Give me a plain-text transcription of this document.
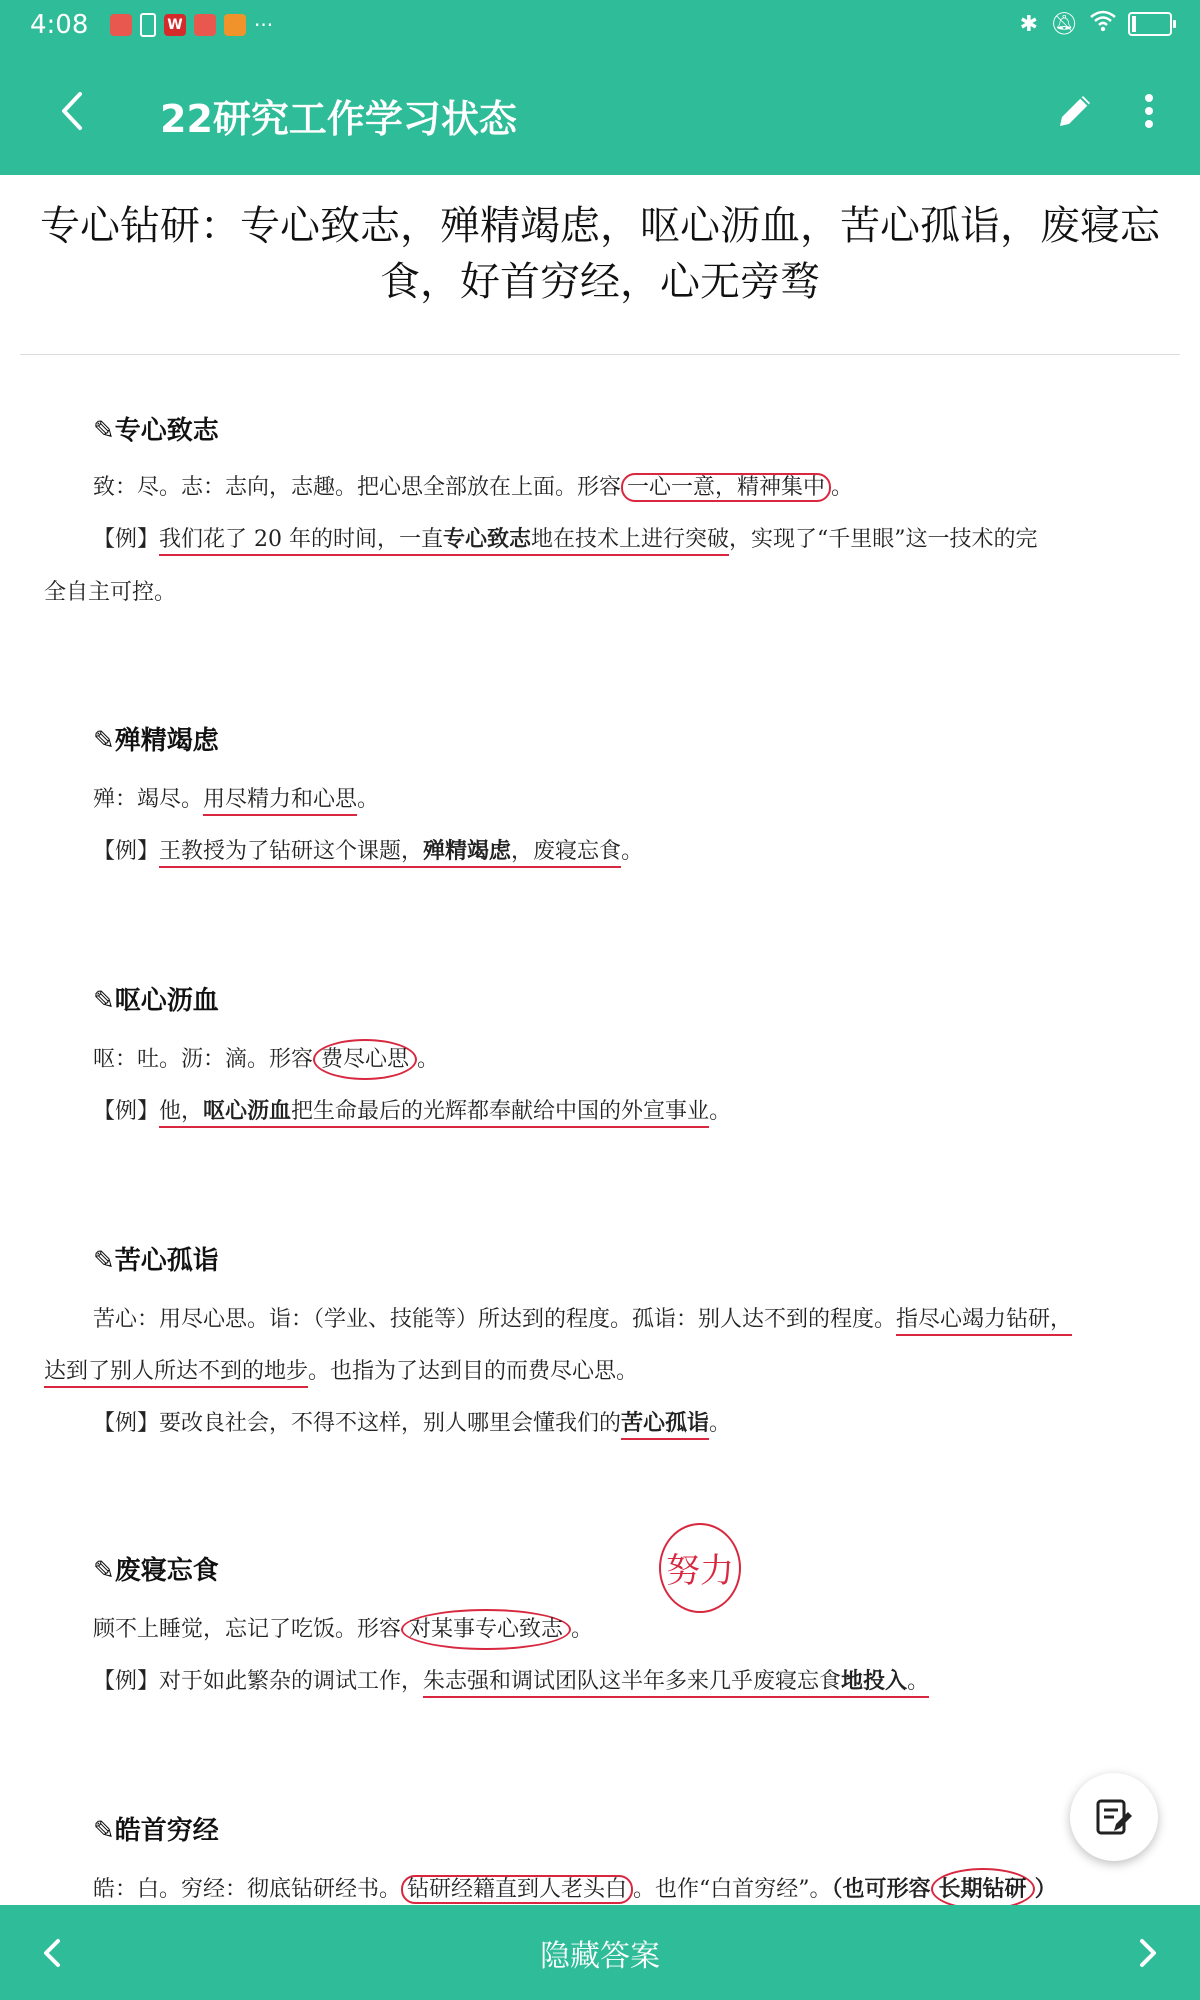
4:08	W	···	✱ 🔕︎
22研究工作学习状态
专心钻研：专心致志，殚精竭虑，呕心沥血，苦心孤诣，废寝忘食，好首穷经，心无旁骛
✎专心致志
致：尽。志：志向，志趣。把心思全部放在上面。形容 一心一意，精神集中 。
【例】我们花了 20 年的时间，一直专心致志地在技术上进行突破，实现了“千里眼”这一技术的完
全自主可控。
✎殚精竭虑
殚：竭尽。用尽精力和心思。
【例】王教授为了钻研这个课题，殚精竭虑，废寝忘食。
✎呕心沥血
呕：吐。沥：滴。形容 费尽心思 。
【例】他，呕心沥血把生命最后的光辉都奉献给中国的外宣事业。
✎苦心孤诣
苦心：用尽心思。诣：（学业、技能等）所达到的程度。孤诣：别人达不到的程度。指尽心竭力钻研，
达到了别人所达不到的地步。也指为了达到目的而费尽心思。
【例】要改良社会，不得不这样，别人哪里会懂我们的苦心孤诣。
✎废寝忘食
顾不上睡觉，忘记了吃饭。形容 对某事专心致志 。
【例】对于如此繁杂的调试工作，朱志强和调试团队这半年多来几乎废寝忘食地投入。
✎皓首穷经
皓：白。穷经：彻底钻研经书。 钻研经籍直到人老头白 。也作“白首穷经”。（也可形容 长期钻研 ）
努力
隐藏答案
